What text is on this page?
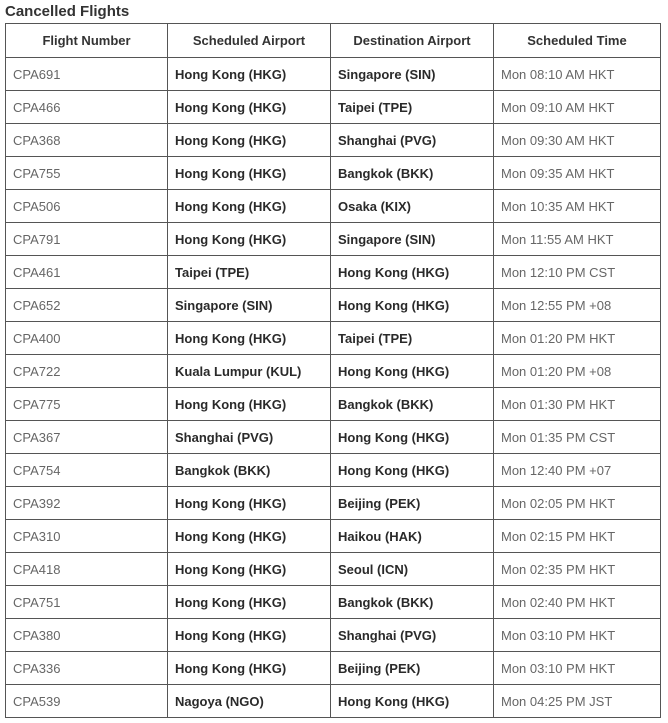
Cancelled Flights
Flight Number	Scheduled Airport	Destination Airport	Scheduled Time
CPA691	Hong Kong (HKG)	Singapore (SIN)	Mon 08:10 AM HKT
CPA466	Hong Kong (HKG)	Taipei (TPE)	Mon 09:10 AM HKT
CPA368	Hong Kong (HKG)	Shanghai (PVG)	Mon 09:30 AM HKT
CPA755	Hong Kong (HKG)	Bangkok (BKK)	Mon 09:35 AM HKT
CPA506	Hong Kong (HKG)	Osaka (KIX)	Mon 10:35 AM HKT
CPA791	Hong Kong (HKG)	Singapore (SIN)	Mon 11:55 AM HKT
CPA461	Taipei (TPE)	Hong Kong (HKG)	Mon 12:10 PM CST
CPA652	Singapore (SIN)	Hong Kong (HKG)	Mon 12:55 PM +08
CPA400	Hong Kong (HKG)	Taipei (TPE)	Mon 01:20 PM HKT
CPA722	Kuala Lumpur (KUL)	Hong Kong (HKG)	Mon 01:20 PM +08
CPA775	Hong Kong (HKG)	Bangkok (BKK)	Mon 01:30 PM HKT
CPA367	Shanghai (PVG)	Hong Kong (HKG)	Mon 01:35 PM CST
CPA754	Bangkok (BKK)	Hong Kong (HKG)	Mon 12:40 PM +07
CPA392	Hong Kong (HKG)	Beijing (PEK)	Mon 02:05 PM HKT
CPA310	Hong Kong (HKG)	Haikou (HAK)	Mon 02:15 PM HKT
CPA418	Hong Kong (HKG)	Seoul (ICN)	Mon 02:35 PM HKT
CPA751	Hong Kong (HKG)	Bangkok (BKK)	Mon 02:40 PM HKT
CPA380	Hong Kong (HKG)	Shanghai (PVG)	Mon 03:10 PM HKT
CPA336	Hong Kong (HKG)	Beijing (PEK)	Mon 03:10 PM HKT
CPA539	Nagoya (NGO)	Hong Kong (HKG)	Mon 04:25 PM JST
